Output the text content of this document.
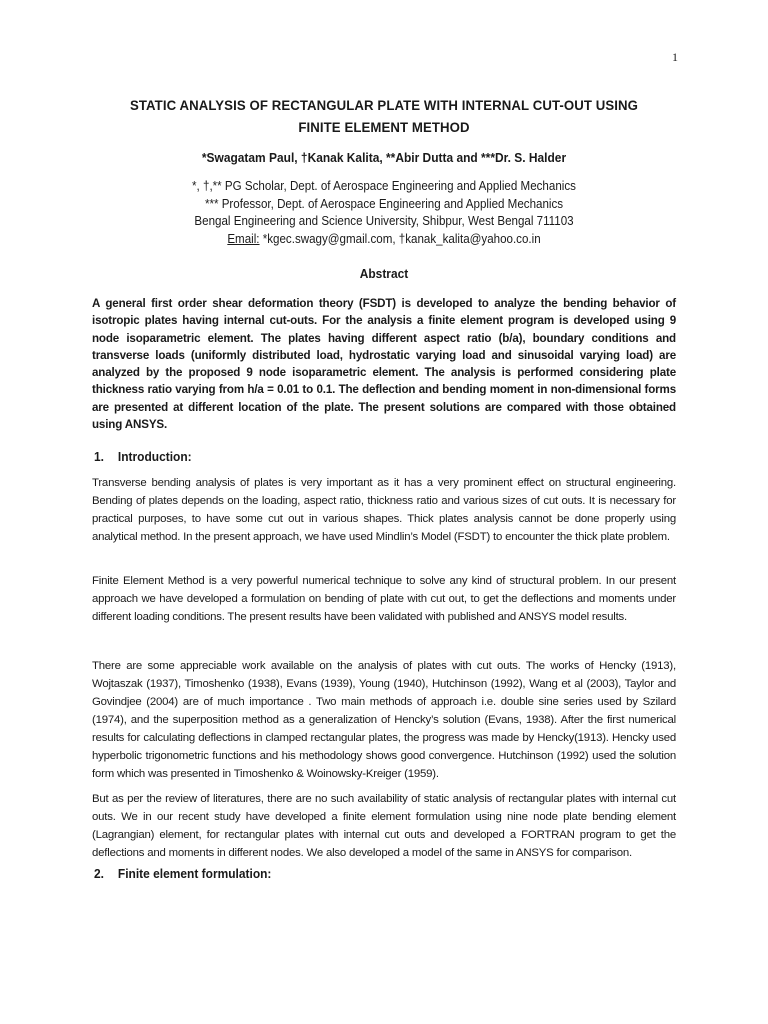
1
STATIC ANALYSIS OF RECTANGULAR PLATE WITH INTERNAL CUT-OUT USING
FINITE ELEMENT METHOD
*Swagatam Paul, †Kanak Kalita, **Abir Dutta and ***Dr. S. Halder
*, †,** PG Scholar, Dept. of Aerospace Engineering and Applied Mechanics
*** Professor, Dept. of Aerospace Engineering and Applied Mechanics
Bengal Engineering and Science University, Shibpur, West Bengal 711103
Email: *kgec.swagy@gmail.com, †kanak_kalita@yahoo.co.in
Abstract
A general first order shear deformation theory (FSDT) is developed to analyze the bending behavior of isotropic plates having internal cut-outs. For the analysis a finite element program is developed using 9 node isoparametric element. The plates having different aspect ratio (b/a), boundary conditions and transverse loads (uniformly distributed load, hydrostatic varying load and sinusoidal varying load) are analyzed by the proposed 9 node isoparametric element. The analysis is performed considering plate thickness ratio varying from h/a = 0.01 to 0.1. The deflection and bending moment in non-dimensional forms are presented at different location of the plate. The present solutions are compared with those obtained using ANSYS.
1. Introduction:
Transverse bending analysis of plates is very important as it has a very prominent effect on structural engineering. Bending of plates depends on the loading, aspect ratio, thickness ratio and various sizes of cut outs. It is necessary for practical purposes, to have some cut out in various shapes. Thick plates analysis cannot be done properly using analytical method. In the present approach, we have used Mindlin’s Model (FSDT) to encounter the thick plate problem.
Finite Element Method is a very powerful numerical technique to solve any kind of structural problem. In our present approach we have developed a formulation on bending of plate with cut out, to get the deflections and moments under different loading conditions. The present results have been validated with published and ANSYS model results.
There are some appreciable work available on the analysis of plates with cut outs. The works of Hencky (1913), Wojtaszak (1937), Timoshenko (1938), Evans (1939), Young (1940), Hutchinson (1992), Wang et al (2003), Taylor and Govindjee (2004) are of much importance . Two main methods of approach i.e. double sine series used by Szilard (1974), and the superposition method as a generalization of Hencky’s solution (Evans, 1938). After the first numerical results for calculating deflections in clamped rectangular plates, the progress was made by Hencky(1913). Hencky used hyperbolic trigonometric functions and his methodology shows good convergence. Hutchinson (1992) used the solution form which was presented in Timoshenko & Woinowsky-Kreiger (1959).
But as per the review of literatures, there are no such availability of static analysis of rectangular plates with internal cut outs. We in our recent study have developed a finite element formulation using nine node plate bending element (Lagrangian) element, for rectangular plates with internal cut outs and developed a FORTRAN program to get the deflections and moments in different nodes. We also developed a model of the same in ANSYS for comparison.
2. Finite element formulation:
